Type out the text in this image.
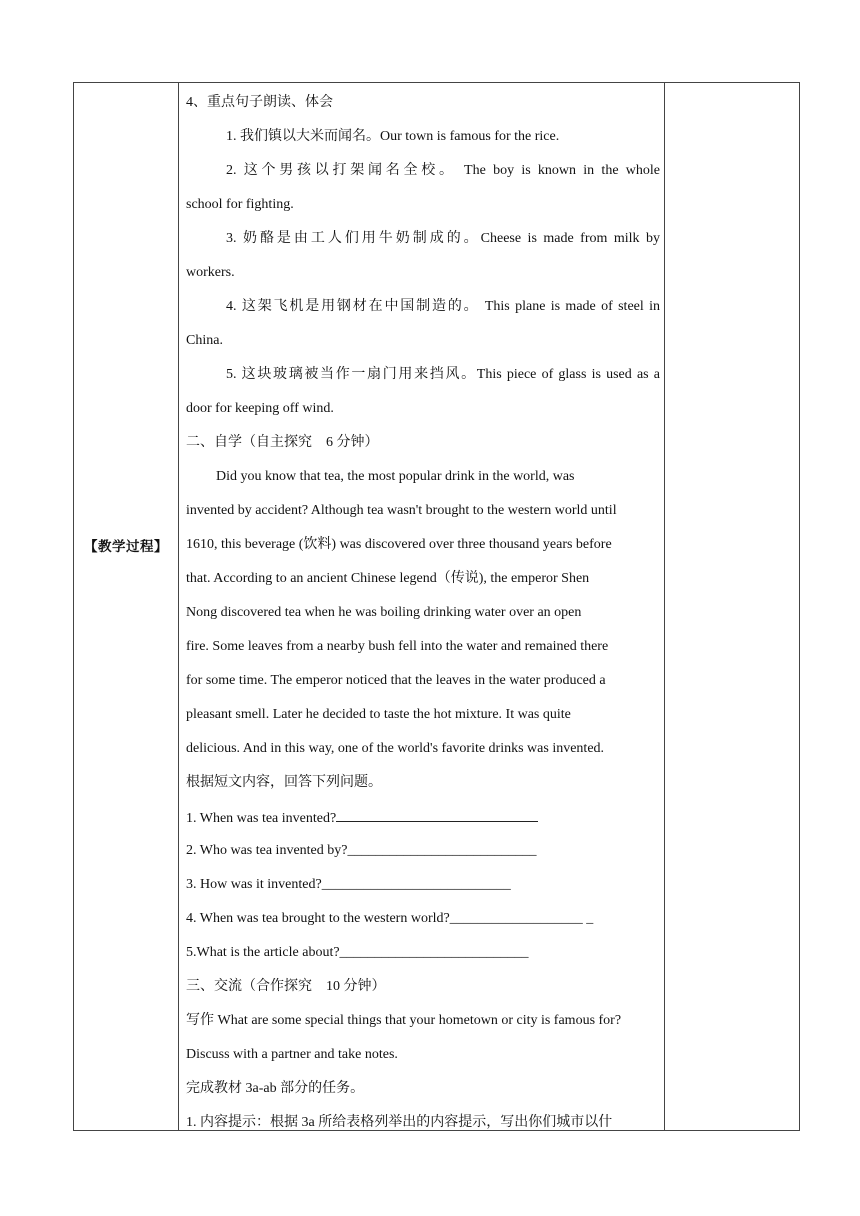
【教学过程】
4、重点句子朗读、体会
1. 我们镇以大米而闻名。Our town is famous for the rice.
2. 这个男孩以打架闻名全校。 The boy is known in the whole
school for fighting.
3. 奶酪是由工人们用牛奶制成的。Cheese is made from milk by
workers.
4. 这架飞机是用钢材在中国制造的。 This plane is made of steel in
China.
5. 这块玻璃被当作一扇门用来挡风。This piece of glass is used as a
door for keeping off wind.
二、自学（自主探究　6 分钟）
Did you know that tea, the most popular drink in the world, was
invented by accident? Although tea wasn't brought to the western world until
1610, this beverage (饮料) was discovered over three thousand years before
that. According to an ancient Chinese legend（传说), the emperor Shen
Nong discovered tea when he was boiling drinking water over an open
fire. Some leaves from a nearby bush fell into the water and remained there
for some time. The emperor noticed that the leaves in the water produced a
pleasant smell. Later he decided to taste the hot mixture. It was quite
delicious. And in this way, one of the world's favorite drinks was invented.
根据短文内容，回答下列问题。
1. When was tea invented?
2. Who was tea invented by?___________________________
3. How was it invented?___________________________
4. When was tea brought to the western world?___________________ _
5.What is the article about?___________________________
三、交流（合作探究　10 分钟）
写作 What are some special things that your hometown or city is famous for?
Discuss with a partner and take notes.
完成教材 3a-ab 部分的任务。
1. 内容提示：根据 3a 所给表格列举出的内容提示，写出你们城市以什
